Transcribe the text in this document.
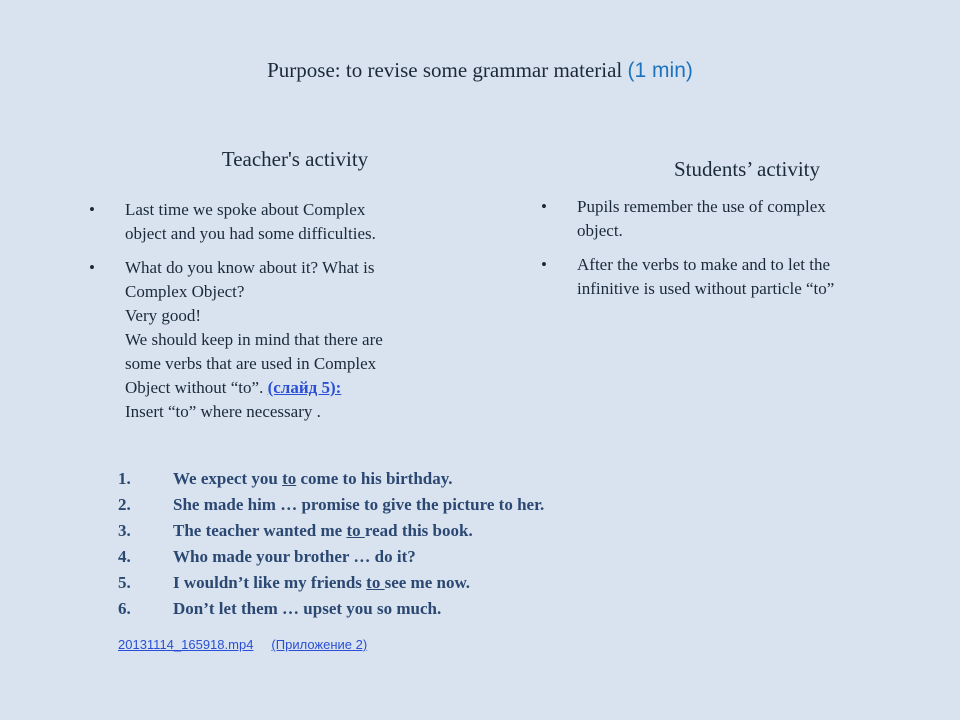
Purpose: to revise some grammar material (1 min)
Teacher's activity	Students’ activity
• Last time we spoke about Complex
object and you had some difficulties.
• What do you know about it? What is
Complex Object?
Very good!
We should keep in mind that there are
some verbs that are used in Complex
Object without “to”. (слайд 5):
Insert “to” where necessary .
• Pupils remember the use of complex
object.
• After the verbs to make and to let the
infinitive is used without particle “to”
1.	We expect you to come to his birthday.
2.	She made him … promise to give the picture to her.
3.	The teacher wanted me to read this book.
4.	Who made your brother … do it?
5.	I wouldn’t like my friends to see me now.
6.	Don’t let them … upset you so much.
20131114_165918.mp4 (Приложение 2)
